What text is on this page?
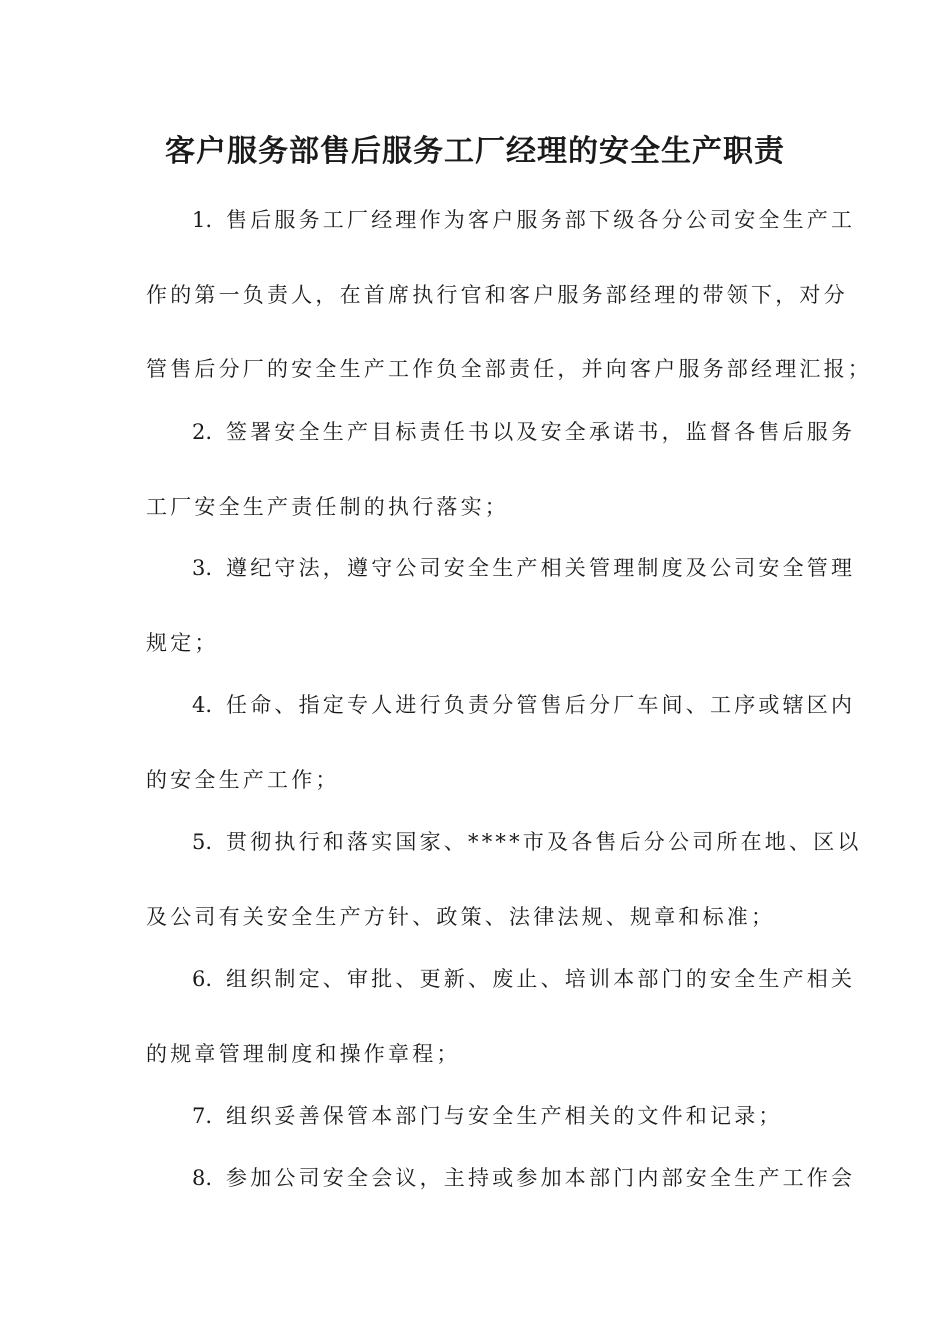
客户服务部售后服务工厂经理的安全生产职责

1. 售后服务工厂经理作为客户服务部下级各分公司安全生产工

作的第一负责人，在首席执行官和客户服务部经理的带领下，对分

管售后分厂的安全生产工作负全部责任，并向客户服务部经理汇报；

2. 签署安全生产目标责任书以及安全承诺书，监督各售后服务

工厂安全生产责任制的执行落实；

3. 遵纪守法，遵守公司安全生产相关管理制度及公司安全管理

规定；

4. 任命、指定专人进行负责分管售后分厂车间、工序或辖区内

的安全生产工作；

5. 贯彻执行和落实国家、****市及各售后分公司所在地、区以

及公司有关安全生产方针、政策、法律法规、规章和标准；

6. 组织制定、审批、更新、废止、培训本部门的安全生产相关

的规章管理制度和操作章程；

7. 组织妥善保管本部门与安全生产相关的文件和记录；

8. 参加公司安全会议，主持或参加本部门内部安全生产工作会
